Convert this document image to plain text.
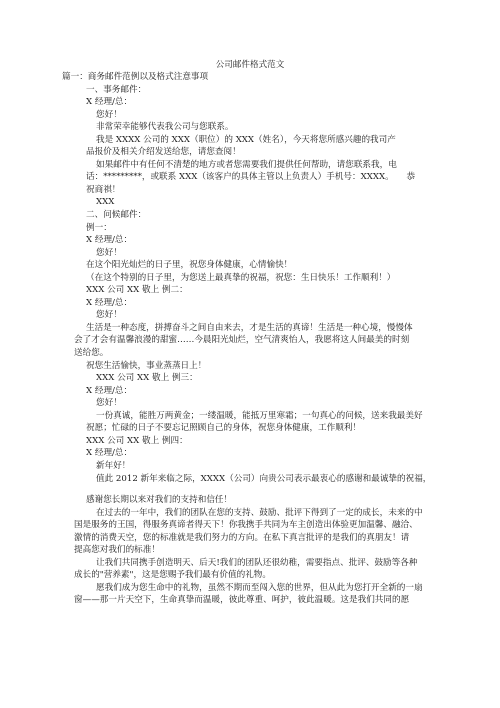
公司邮件格式范文
篇一：商务邮件范例以及格式注意事项
一、事务邮件：
X 经理/总：
您好！
非常荣幸能够代表我公司与您联系。
我是 XXXX 公司的 XXX（职位）的 XXX（姓名），今天将您所感兴趣的我司产
品报价及相关介绍发送给您，请您查阅！
如果邮件中有任何不清楚的地方或者您需要我们提供任何帮助，请您联系我，电
话：*********，或联系 XXX（该客户的具体主管以上负责人）手机号：XXXX。　　恭
祝商祺！
XXX
二、问候邮件：
例一：
X 经理/总：
您好！
在这个阳光灿烂的日子里，祝您身体健康，心情愉快！
（在这个特别的日子里，为您送上最真挚的祝福，祝您：生日快乐！工作顺利！）
XXX 公司 XX 敬上 例二：
X 经理/总：
您好！
生活是一种态度，拼搏奋斗之间自由来去，才是生活的真谛！生活是一种心境，慢慢体
会了才会有温馨浪漫的甜蜜……今晨阳光灿烂，空气清爽怡人，我愿将这人间最美的时刻
送给您。
祝您生活愉快，事业蒸蒸日上！
XXX 公司 XX 敬上 例三：
X 经理/总：
您好！
一份真诚，能胜万两黄金；一缕温暖，能抵万里寒霜；一句真心的问候，送来我最美好
祝愿；忙碌的日子不要忘记照顾自己的身体，祝您身体健康，工作顺利！
XXX 公司 XX 敬上 例四：
X 经理/总：
新年好！
值此 2012 新年来临之际，XXXX（公司）向贵公司表示最衷心的感谢和最诚挚的祝福，
感谢您长期以来对我们的支持和信任！
在过去的一年中，我们的团队在您的支持、鼓励、批评下得到了一定的成长，未来的中
国是服务的王国，得服务真谛者得天下！你我携手共同为车主创造出体验更加温馨、融洽、
激情的消费天空，您的标准就是我们努力的方向。在私下真言批评的是我们的真朋友！请
提高您对我们的标准！
让我们共同携手创造明天、后天!我们的团队还很幼稚，需要指点、批评、鼓励等各种
成长的"营养素"，这是您赐予我们最有价值的礼物。
愿我们成为您生命中的礼物，虽然不期而至闯入您的世界，但从此为您打开全新的一扇
窗——那一片天空下，生命真挚而温暖，彼此尊重、呵护，彼此温暖。这是我们共同的愿
